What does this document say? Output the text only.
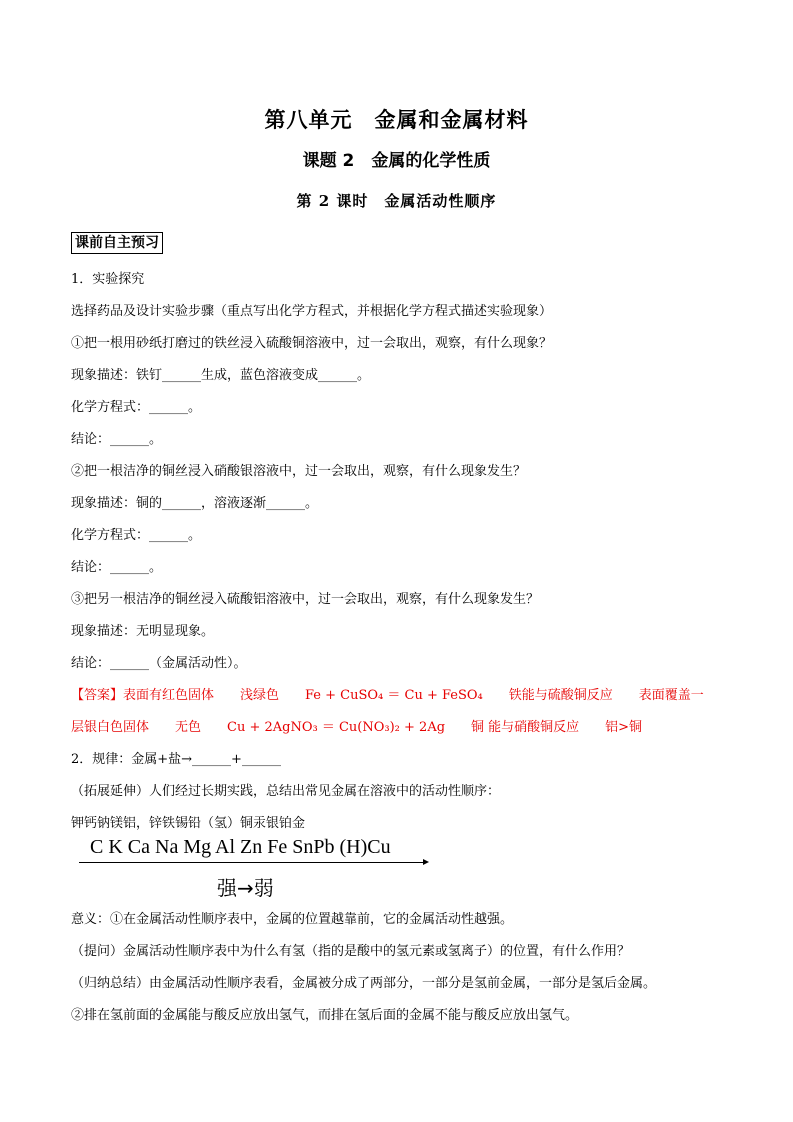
第八单元　金属和金属材料
课题 2　金属的化学性质
第 2 课时　金属活动性顺序
课前自主预习
1．实验探究
选择药品及设计实验步骤（重点写出化学方程式，并根据化学方程式描述实验现象）
①把一根用砂纸打磨过的铁丝浸入硫酸铜溶液中，过一会取出，观察，有什么现象？
现象描述：铁钉______生成，蓝色溶液变成______。
化学方程式：______。
结论：______。
②把一根洁净的铜丝浸入硝酸银溶液中，过一会取出，观察，有什么现象发生？
现象描述：铜的______，溶液逐渐______。
化学方程式：______。
结论：______。
③把另一根洁净的铜丝浸入硫酸铝溶液中，过一会取出，观察，有什么现象发生？
现象描述：无明显现象。
结论：______（金属活动性）。
【答案】表面有红色固体　　浅绿色　　Fe + CuSO₄ ＝ Cu + FeSO₄　　铁能与硫酸铜反应　　表面覆盖一
层银白色固体　　无色　　Cu + 2AgNO₃ ＝ Cu(NO₃)₂ + 2Ag　　铜 能与硝酸铜反应　　铝>铜
2．规律：金属+盐→______+______
（拓展延伸）人们经过长期实践，总结出常见金属在溶液中的活动性顺序：
钾钙钠镁铝，锌铁锡铅（氢）铜汞银铂金
C K Ca Na Mg Al Zn Fe SnPb (H)Cu
强→弱
意义：①在金属活动性顺序表中，金属的位置越靠前，它的金属活动性越强。
（提问）金属活动性顺序表中为什么有氢（指的是酸中的氢元素或氢离子）的位置，有什么作用？
（归纳总结）由金属活动性顺序表看，金属被分成了两部分，一部分是氢前金属，一部分是氢后金属。
②排在氢前面的金属能与酸反应放出氢气，而排在氢后面的金属不能与酸反应放出氢气。
